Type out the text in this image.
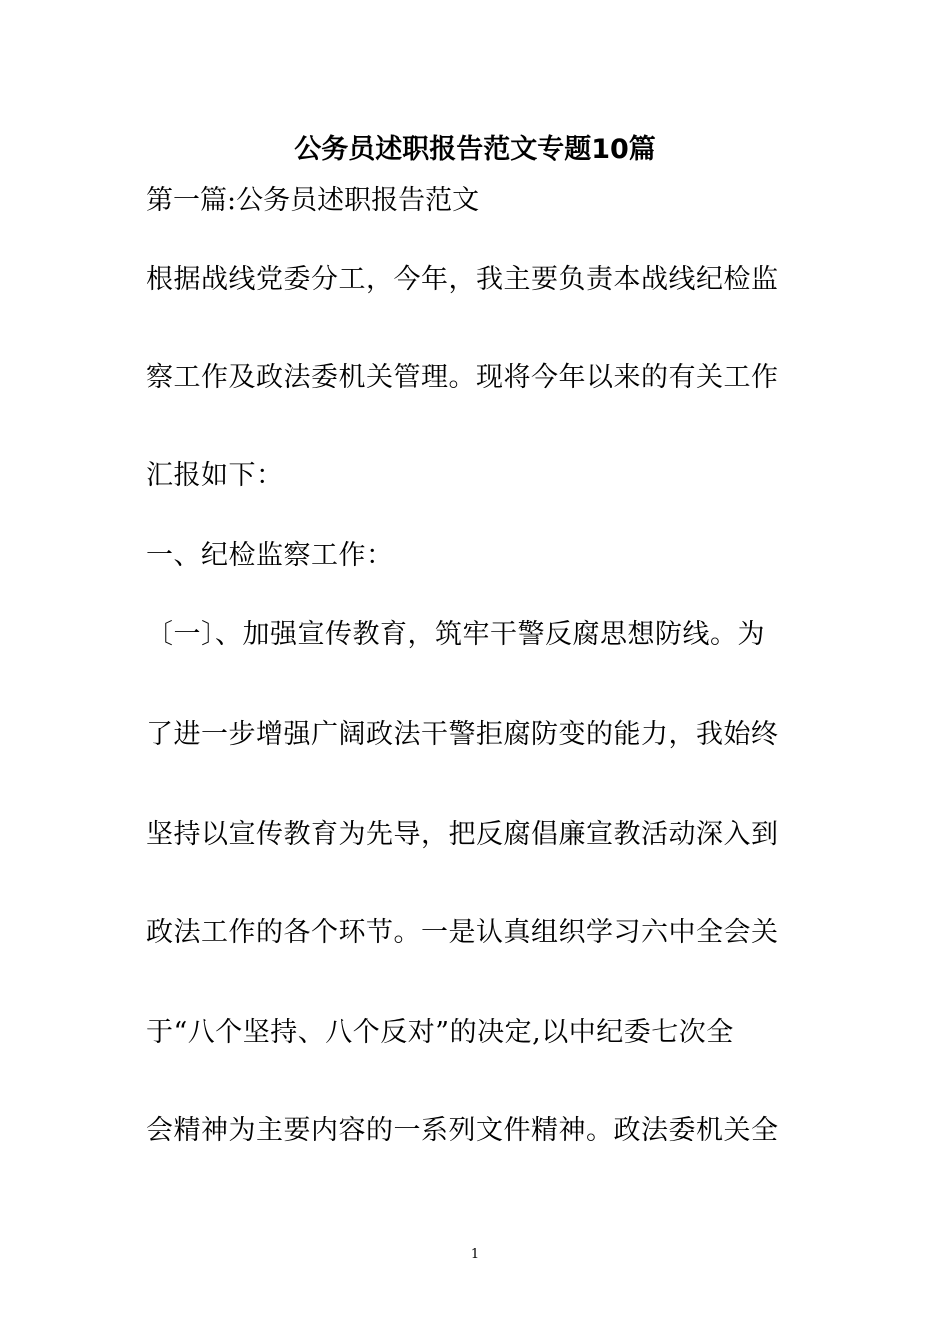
公务员述职报告范文专题10篇
第一篇:公务员述职报告范文
根据战线党委分工，今年，我主要负责本战线纪检监
察工作及政法委机关管理。现将今年以来的有关工作
汇报如下：
一、纪检监察工作：
〔一〕、加强宣传教育，筑牢干警反腐思想防线。为
了进一步增强广阔政法干警拒腐防变的能力，我始终
坚持以宣传教育为先导，把反腐倡廉宣教活动深入到
政法工作的各个环节。一是认真组织学习六中全会关
于“八个坚持、八个反对”的决定,以中纪委七次全
会精神为主要内容的一系列文件精神。政法委机关全
1
